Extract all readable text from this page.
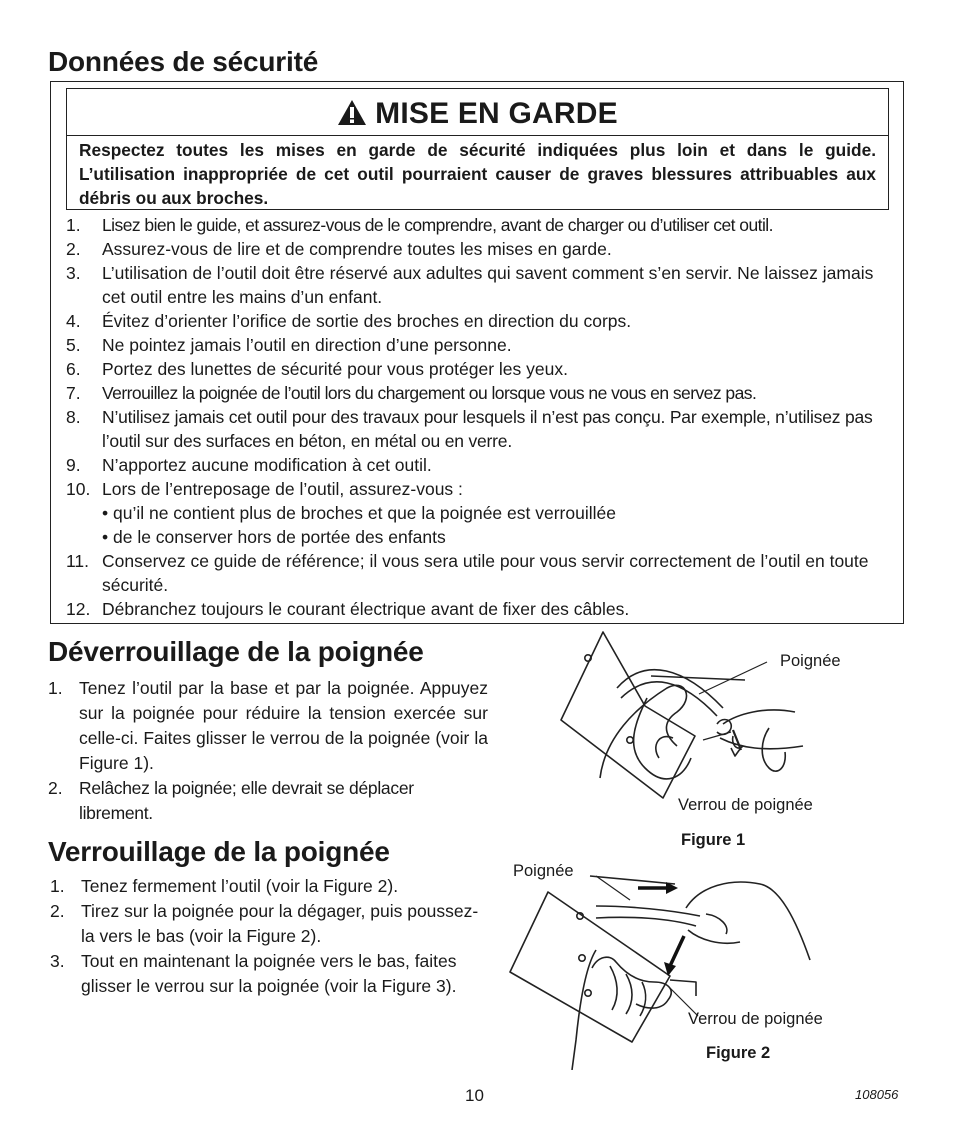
Données de sécurité
MISE EN GARDE
Respectez toutes les mises en garde de sécurité indiquées plus loin et dans le guide. L’utilisation inappropriée de cet outil pourraient causer de graves blessures attribuables aux débris ou aux broches.
1. Lisez bien le guide, et assurez-vous de le comprendre, avant de charger ou d’utiliser cet outil.
2. Assurez-vous de lire et de comprendre toutes les mises en garde.
3. L’utilisation de l’outil doit être réservé aux adultes qui savent comment s’en servir. Ne laissez jamais cet outil entre les mains d’un enfant.
4. Évitez d’orienter l’orifice de sortie des broches en direction du corps.
5. Ne pointez jamais l’outil en direction d’une personne.
6. Portez des lunettes de sécurité pour vous protéger les yeux.
7. Verrouillez la poignée de l’outil lors du chargement ou lorsque vous ne vous en servez pas.
8. N’utilisez jamais cet outil pour des travaux pour lesquels il n’est pas conçu. Par exemple, n’utilisez pas l’outil sur des surfaces en béton, en métal ou en verre.
9. N’apportez aucune modification à cet outil.
10. Lors de l’entreposage de l’outil, assurez-vous :
• qu’il ne contient plus de broches et que la poignée est verrouillée
• de le conserver hors de portée des enfants
11. Conservez ce guide de référence; il vous sera utile pour vous servir correctement de l’outil en toute sécurité.
12. Débranchez toujours le courant électrique avant de fixer des câbles.
Déverrouillage de la poignée
1. Tenez l’outil par la base et par la poignée. Appuyez sur la poignée pour réduire la tension exercée sur celle-ci. Faites glisser le verrou de la poignée (voir la Figure 1).
2. Relâchez la poignée; elle devrait se déplacer librement.
Verrouillage de la poignée
1. Tenez fermement l’outil (voir la Figure 2).
2. Tirez sur la poignée pour la dégager, puis poussez-la vers le bas (voir la Figure 2).
3. Tout en maintenant la poignée vers le bas, faites glisser le verrou sur la poignée (voir la Figure 3).
Poignée
Verrou de poignée
Figure 1
Poignée
Verrou de poignée
Figure 2
10	108056
